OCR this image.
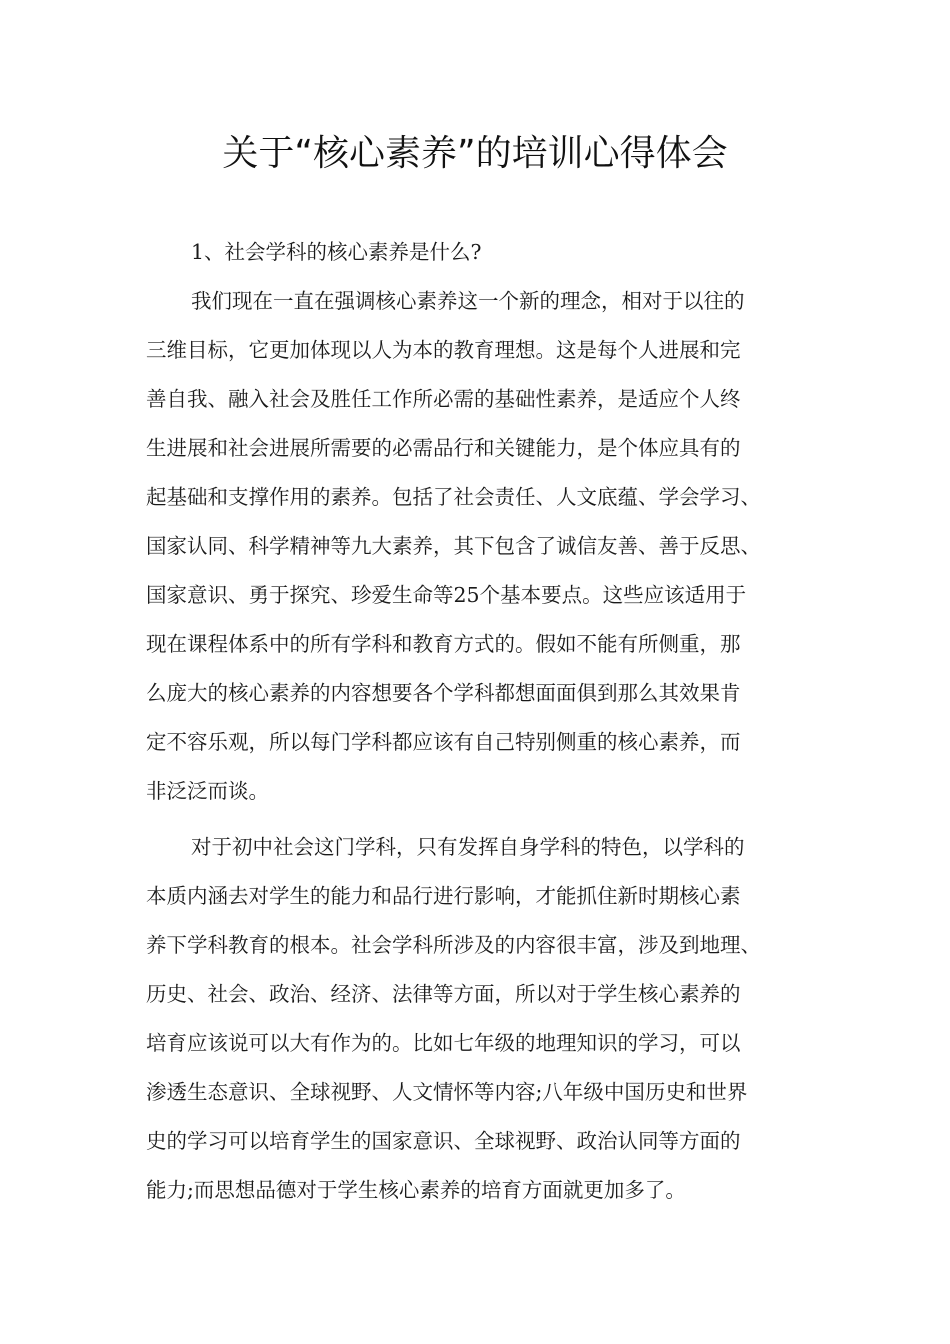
关于“核心素养”的培训心得体会
1、社会学科的核心素养是什么?
我们现在一直在强调核心素养这一个新的理念，相对于以往的
三维目标，它更加体现以人为本的教育理想。这是每个人进展和完
善自我、融入社会及胜任工作所必需的基础性素养，是适应个人终
生进展和社会进展所需要的必需品行和关键能力，是个体应具有的
起基础和支撑作用的素养。包括了社会责任、人文底蕴、学会学习、
国家认同、科学精神等九大素养，其下包含了诚信友善、善于反思、
国家意识、勇于探究、珍爱生命等25个基本要点。这些应该适用于
现在课程体系中的所有学科和教育方式的。假如不能有所侧重，那
么庞大的核心素养的内容想要各个学科都想面面俱到那么其效果肯
定不容乐观，所以每门学科都应该有自己特别侧重的核心素养，而
非泛泛而谈。
对于初中社会这门学科，只有发挥自身学科的特色，以学科的
本质内涵去对学生的能力和品行进行影响，才能抓住新时期核心素
养下学科教育的根本。社会学科所涉及的内容很丰富，涉及到地理、
历史、社会、政治、经济、法律等方面，所以对于学生核心素养的
培育应该说可以大有作为的。比如七年级的地理知识的学习，可以
渗透生态意识、全球视野、人文情怀等内容;八年级中国历史和世界
史的学习可以培育学生的国家意识、全球视野、政治认同等方面的
能力;而思想品德对于学生核心素养的培育方面就更加多了。
